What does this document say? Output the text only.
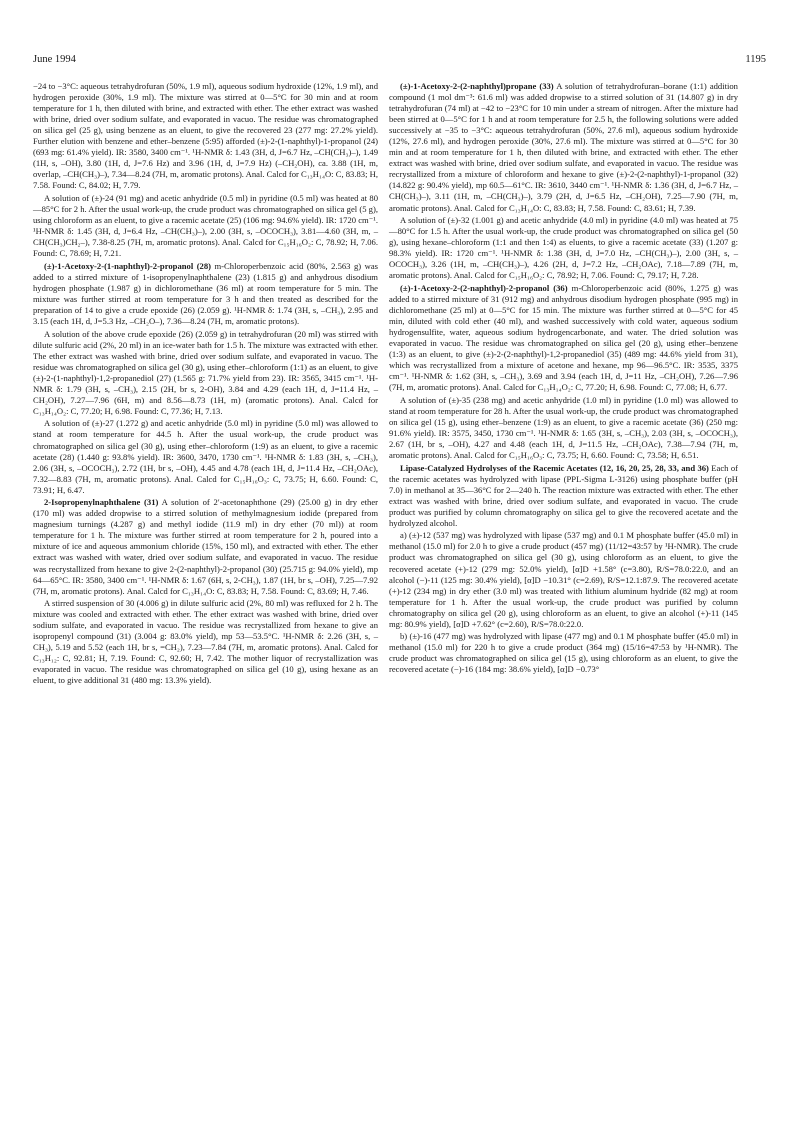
June 1994	1195

−24 to −3°C: aqueous tetrahydrofuran (50%, 1.9 ml), aqueous sodium hydroxide (12%, 1.9 ml), and hydrogen peroxide (30%, 1.9 ml). The mixture was stirred at 0—5°C for 30 min and at room temperature for 1 h, then diluted with brine, and extracted with ether. The ether extract was washed with brine, dried over sodium sulfate, and evaporated in vacuo. The residue was chromatographed on silica gel (25 g), using benzene as an eluent, to give the recovered 23 (277 mg: 27.2% yield). Further elution with benzene and ether–benzene (5:95) afforded (±)-2-(1-naphthyl)-1-propanol (24) (693 mg: 61.4% yield). IR: 3580, 3400 cm⁻¹. ¹H-NMR δ: 1.43 (3H, d, J=6.7 Hz, –CH(CH₃)–), 1.49 (1H, s, –OH), 3.80 (1H, d, J=7.6 Hz) and 3.96 (1H, d, J=7.9 Hz) (–CH₂OH), ca. 3.88 (1H, m, overlap, –CH(CH₃)–), 7.34—8.24 (7H, m, aromatic protons). Anal. Calcd for C₁₃H₁₄O: C, 83.83; H, 7.58. Found: C, 84.02; H, 7.79.

A solution of (±)-24 (91 mg) and acetic anhydride (0.5 ml) in pyridine (0.5 ml) was heated at 80—85°C for 2 h. After the usual work-up, the crude product was chromatographed on silica gel (5 g), using chloroform as an eluent, to give a racemic acetate (25) (106 mg: 94.6% yield). IR: 1720 cm⁻¹. ¹H-NMR δ: 1.45 (3H, d, J=6.4 Hz, –CH(CH₃)–), 2.00 (3H, s, –OCOCH₃), 3.81—4.60 (3H, m, –CH(CH₃)CH₂–), 7.38-8.25 (7H, m, aromatic protons). Anal. Calcd for C₁₅H₁₆O₂: C, 78.92; H, 7.06. Found: C, 78.69; H, 7.21.

(±)-1-Acetoxy-2-(1-naphthyl)-2-propanol (28) m-Chloroperbenzoic acid (80%, 2.563 g) was added to a stirred mixture of 1-isopropenylnaphthalene (23) (1.815 g) and anhydrous disodium hydrogen phosphate (1.987 g) in dichloromethane (36 ml) at room temperature for 5 min. The mixture was further stirred at room temperature for 3 h and then treated as described for the preparation of 14 to give a crude epoxide (26) (2.059 g). ¹H-NMR δ: 1.74 (3H, s, –CH₃), 2.95 and 3.15 (each 1H, d, J=5.3 Hz, –CH₂O–), 7.36—8.24 (7H, m, aromatic protons).

A solution of the above crude epoxide (26) (2.059 g) in tetrahydrofuran (20 ml) was stirred with dilute sulfuric acid (2%, 20 ml) in an ice-water bath for 1.5 h. The mixture was extracted with ether. The ether extract was washed with brine, dried over sodium sulfate, and evaporated in vacuo. The residue was chromatographed on silica gel (30 g), using ether–chloroform (1:1) as an eluent, to give (±)-2-(1-naphthyl)-1,2-propanediol (27) (1.565 g: 71.7% yield from 23). IR: 3565, 3415 cm⁻¹. ¹H-NMR δ: 1.79 (3H, s, –CH₃), 2.15 (2H, br s, 2-OH), 3.84 and 4.29 (each 1H, d, J=11.4 Hz, –CH₂OH), 7.27—7.96 (6H, m) and 8.56—8.73 (1H, m) (aromatic protons). Anal. Calcd for C₁₃H₁₄O₂: C, 77.20; H, 6.98. Found: C, 77.36; H, 7.13.

A solution of (±)-27 (1.272 g) and acetic anhydride (5.0 ml) in pyridine (5.0 ml) was allowed to stand at room temperature for 44.5 h. After the usual work-up, the crude product was chromatographed on silica gel (30 g), using ether–chloroform (1:9) as an eluent, to give a racemic acetate (28) (1.440 g: 93.8% yield). IR: 3600, 3470, 1730 cm⁻¹. ¹H-NMR δ: 1.83 (3H, s, –CH₃), 2.06 (3H, s, –OCOCH₃), 2.72 (1H, br s, –OH), 4.45 and 4.78 (each 1H, d, J=11.4 Hz, –CH₂OAc), 7.32—8.83 (7H, m, aromatic protons). Anal. Calcd for C₁₅H₁₆O₃: C, 73.75; H, 6.60. Found: C, 73.91; H, 6.47.

2-Isopropenylnaphthalene (31) A solution of 2′-acetonaphthone (29) (25.00 g) in dry ether (170 ml) was added dropwise to a stirred solution of methylmagnesium iodide (prepared from magnesium turnings (4.287 g) and methyl iodide (11.9 ml) in dry ether (70 ml)) at room temperature for 1 h. The mixture was further stirred at room temperature for 2 h, poured into a mixture of ice and aqueous ammonium chloride (15%, 150 ml), and extracted with ether. The ether extract was washed with water, dried over sodium sulfate, and evaporated in vacuo. The residue was recrystallized from hexane to give 2-(2-naphthyl)-2-propanol (30) (25.715 g: 94.0% yield), mp 64—65°C. IR: 3580, 3400 cm⁻¹. ¹H-NMR δ: 1.67 (6H, s, 2-CH₃), 1.87 (1H, br s, –OH), 7.25—7.92 (7H, m, aromatic protons). Anal. Calcd for C₁₃H₁₄O: C, 83.83; H, 7.58. Found: C, 83.69; H, 7.46.

A stirred suspension of 30 (4.006 g) in dilute sulfuric acid (2%, 80 ml) was refluxed for 2 h. The mixture was cooled and extracted with ether. The ether extract was washed with brine, dried over sodium sulfate, and evaporated in vacuo. The residue was recrystallized from hexane to give an isopropenyl compound (31) (3.004 g: 83.0% yield), mp 53—53.5°C. ¹H-NMR δ: 2.26 (3H, s, –CH₃), 5.19 and 5.52 (each 1H, br s, =CH₂), 7.23—7.84 (7H, m, aromatic protons). Anal. Calcd for C₁₃H₁₂: C, 92.81; H, 7.19. Found: C, 92.60; H, 7.42. The mother liquor of recrystallization was evaporated in vacuo. The residue was chromatographed on silica gel (10 g), using hexane as an eluent, to give additional 31 (480 mg: 13.3% yield).

(±)-1-Acetoxy-2-(2-naphthyl)propane (33) A solution of tetrahydrofuran–borane (1:1) addition compound (1 mol dm⁻³: 61.6 ml) was added dropwise to a stirred solution of 31 (14.807 g) in dry tetrahydrofuran (74 ml) at −42 to −23°C for 10 min under a stream of nitrogen. After the mixture had been stirred at 0—5°C for 1 h and at room temperature for 2.5 h, the following solutions were added successively at −35 to −3°C: aqueous tetrahydrofuran (50%, 27.6 ml), aqueous sodium hydroxide (12%, 27.6 ml), and hydrogen peroxide (30%, 27.6 ml). The mixture was stirred at 0—5°C for 30 min and at room temperature for 1 h, then diluted with brine, and extracted with ether. The ether extract was washed with brine, dried over sodium sulfate, and evaporated in vacuo. The residue was recrystallized from a mixture of chloroform and hexane to give (±)-2-(2-naphthyl)-1-propanol (32) (14.822 g: 90.4% yield), mp 60.5—61°C. IR: 3610, 3440 cm⁻¹. ¹H-NMR δ: 1.36 (3H, d, J=6.7 Hz, –CH(CH₃)–), 3.11 (1H, m, –CH(CH₃)–), 3.79 (2H, d, J=6.5 Hz, –CH₂OH), 7.25—7.90 (7H, m, aromatic protons). Anal. Calcd for C₁₃H₁₄O: C, 83.83; H, 7.58. Found: C, 83.61; H, 7.39.

A solution of (±)-32 (1.001 g) and acetic anhydride (4.0 ml) in pyridine (4.0 ml) was heated at 75—80°C for 1.5 h. After the usual work-up, the crude product was chromatographed on silica gel (50 g), using hexane–chloroform (1:1 and then 1:4) as eluents, to give a racemic acetate (33) (1.207 g: 98.3% yield). IR: 1720 cm⁻¹. ¹H-NMR δ: 1.38 (3H, d, J=7.0 Hz, –CH(CH₃)–), 2.00 (3H, s, –OCOCH₃), 3.26 (1H, m, –CH(CH₃)–), 4.26 (2H, d, J=7.2 Hz, –CH₂OAc), 7.18—7.89 (7H, m, aromatic protons). Anal. Calcd for C₁₅H₁₆O₂: C, 78.92; H, 7.06. Found: C, 79.17; H, 7.28.

(±)-1-Acetoxy-2-(2-naphthyl)-2-propanol (36) m-Chloroperbenzoic acid (80%, 1.275 g) was added to a stirred mixture of 31 (912 mg) and anhydrous disodium hydrogen phosphate (995 mg) in dichloromethane (25 ml) at 0—5°C for 15 min. The mixture was further stirred at 0—5°C for 45 min, diluted with cold ether (40 ml), and washed successively with cold water, aqueous sodium hydrogensulfite, water, aqueous sodium hydrogencarbonate, and water. The dried solution was evaporated in vacuo. The residue was chromatographed on silica gel (20 g), using ether–benzene (1:3) as an eluent, to give (±)-2-(2-naphthyl)-1,2-propanediol (35) (489 mg: 44.6% yield from 31), which was recrystallized from a mixture of acetone and hexane, mp 96—96.5°C. IR: 3535, 3375 cm⁻¹. ¹H-NMR δ: 1.62 (3H, s, –CH₃), 3.69 and 3.94 (each 1H, d, J=11 Hz, –CH₂OH), 7.26—7.96 (7H, m, aromatic protons). Anal. Calcd for C₁₃H₁₄O₂: C, 77.20; H, 6.98. Found: C, 77.08; H, 6.77.

A solution of (±)-35 (238 mg) and acetic anhydride (1.0 ml) in pyridine (1.0 ml) was allowed to stand at room temperature for 28 h. After the usual work-up, the crude product was chromatographed on silica gel (15 g), using ether–benzene (1:9) as an eluent, to give a racemic acetate (36) (250 mg: 91.6% yield). IR: 3575, 3450, 1730 cm⁻¹. ¹H-NMR δ: 1.65 (3H, s, –CH₃), 2.03 (3H, s, –OCOCH₃), 2.67 (1H, br s, –OH), 4.27 and 4.48 (each 1H, d, J=11.5 Hz, –CH₂OAc), 7.38—7.94 (7H, m, aromatic protons). Anal. Calcd for C₁₅H₁₆O₃: C, 73.75; H, 6.60. Found: C, 73.58; H, 6.51.

Lipase-Catalyzed Hydrolyses of the Racemic Acetates (12, 16, 20, 25, 28, 33, and 36) Each of the racemic acetates was hydrolyzed with lipase (PPL-Sigma L-3126) using phosphate buffer (pH 7.0) in methanol at 35—36°C for 2—240 h. The reaction mixture was extracted with ether. The ether extract was washed with brine, dried over sodium sulfate, and evaporated in vacuo. The crude product was purified by column chromatography on silica gel to give the recovered acetate and the hydrolyzed alcohol.

a) (±)-12 (537 mg) was hydrolyzed with lipase (537 mg) and 0.1 M phosphate buffer (45.0 ml) in methanol (15.0 ml) for 2.0 h to give a crude product (457 mg) (11/12=43:57 by ¹H-NMR). The crude product was chromatographed on silica gel (30 g), using chloroform as an eluent, to give the recovered acetate (+)-12 (279 mg: 52.0% yield), [α]D +1.58° (c=3.80), R/S=78.0:22.0, and an alcohol (−)-11 (125 mg: 30.4% yield), [α]D −10.31° (c=2.69), R/S=12.1:87.9. The recovered acetate (+)-12 (234 mg) in dry ether (3.0 ml) was treated with lithium aluminum hydride (82 mg) at room temperature for 1 h. After the usual work-up, the crude product was purified by column chromatography on silica gel (20 g), using chloroform as an eluent, to give an alcohol (+)-11 (145 mg: 80.9% yield), [α]D +7.62° (c=2.60), R/S=78.0:22.0.

b) (±)-16 (477 mg) was hydrolyzed with lipase (477 mg) and 0.1 M phosphate buffer (45.0 ml) in methanol (15.0 ml) for 220 h to give a crude product (364 mg) (15/16=47:53 by ¹H-NMR). The crude product was chromatographed on silica gel (15 g), using chloroform as an eluent, to give the recovered acetate (−)-16 (184 mg: 38.6% yield), [α]D −0.73°
